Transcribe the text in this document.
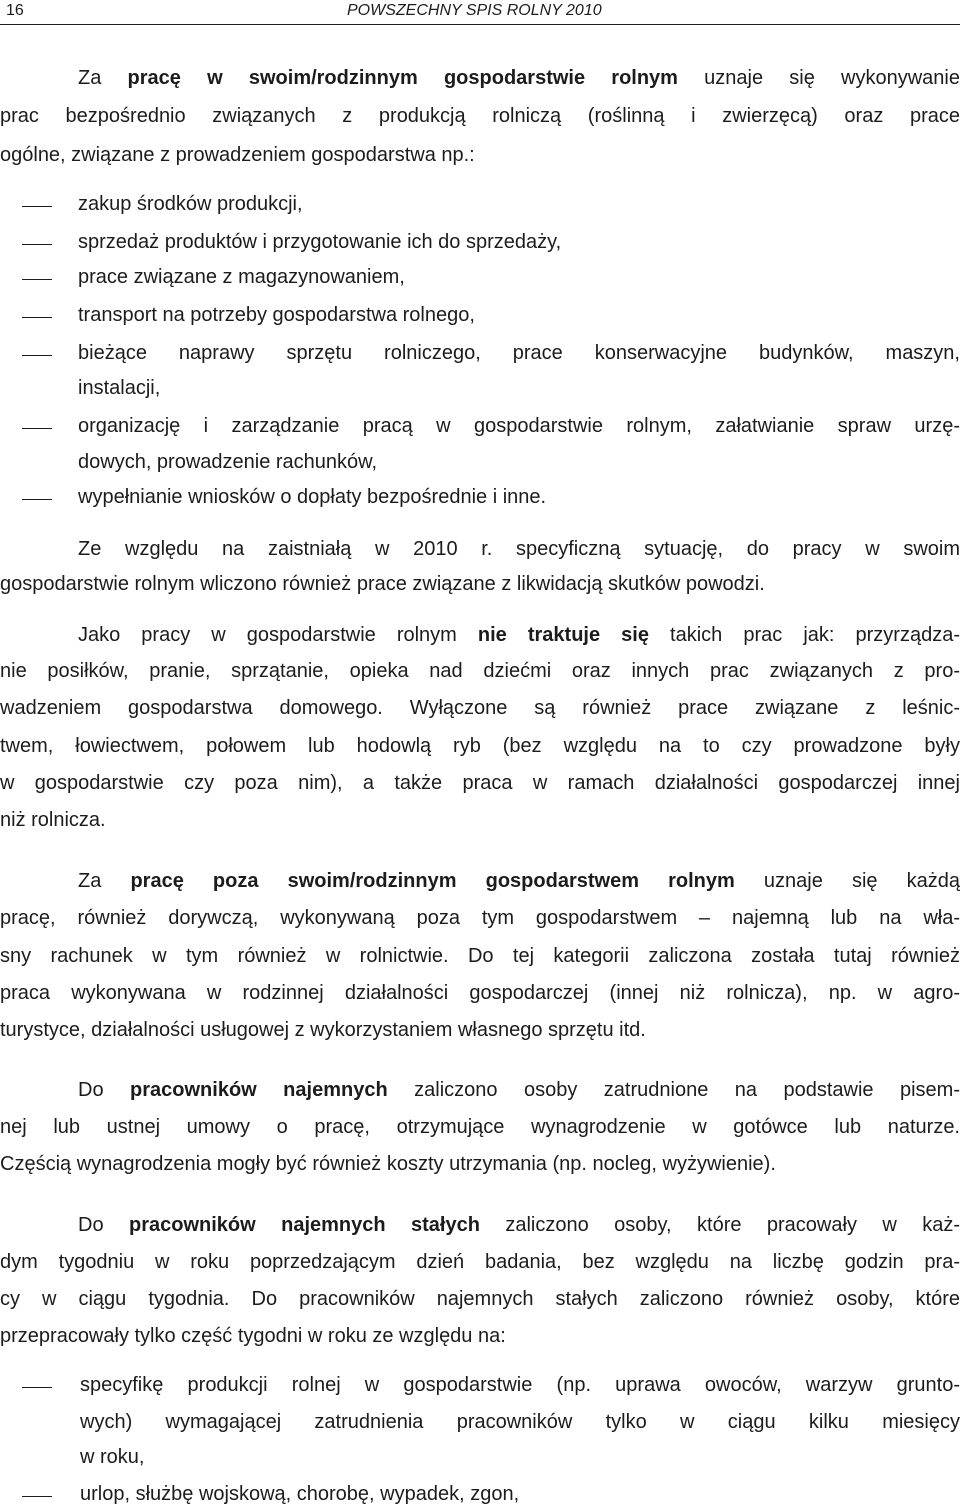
16	POWSZECHNY SPIS ROLNY 2010
Za pracę w swoim/rodzinnym gospodarstwie rolnym uznaje się wykonywanie
prac bezpośrednio związanych z produkcją rolniczą (roślinną i zwierzęcą) oraz prace
ogólne, związane z prowadzeniem gospodarstwa np.:
zakup środków produkcji,
sprzedaż produktów i przygotowanie ich do sprzedaży,
prace związane z magazynowaniem,
transport na potrzeby gospodarstwa rolnego,
bieżące naprawy sprzętu rolniczego, prace konserwacyjne budynków, maszyn,
instalacji,
organizację i zarządzanie pracą w gospodarstwie rolnym, załatwianie spraw urzę-
dowych, prowadzenie rachunków,
wypełnianie wniosków o dopłaty bezpośrednie i inne.
Ze względu na zaistniałą w 2010 r. specyficzną sytuację, do pracy w swoim
gospodarstwie rolnym wliczono również prace związane z likwidacją skutków powodzi.
Jako pracy w gospodarstwie rolnym nie traktuje się takich prac jak: przyrządza-
nie posiłków, pranie, sprzątanie, opieka nad dziećmi oraz innych prac związanych z pro-
wadzeniem gospodarstwa domowego. Wyłączone są również prace związane z leśnic-
twem, łowiectwem, połowem lub hodowlą ryb (bez względu na to czy prowadzone były
w gospodarstwie czy poza nim), a także praca w ramach działalności gospodarczej innej
niż rolnicza.
Za pracę poza swoim/rodzinnym gospodarstwem rolnym uznaje się każdą
pracę, również dorywczą, wykonywaną poza tym gospodarstwem – najemną lub na wła-
sny rachunek w tym również w rolnictwie. Do tej kategorii zaliczona została tutaj również
praca wykonywana w rodzinnej działalności gospodarczej (innej niż rolnicza), np. w agro-
turystyce, działalności usługowej z wykorzystaniem własnego sprzętu itd.
Do pracowników najemnych zaliczono osoby zatrudnione na podstawie pisem-
nej lub ustnej umowy o pracę, otrzymujące wynagrodzenie w gotówce lub naturze.
Częścią wynagrodzenia mogły być również koszty utrzymania (np. nocleg, wyżywienie).
Do pracowników najemnych stałych zaliczono osoby, które pracowały w każ-
dym tygodniu w roku poprzedzającym dzień badania, bez względu na liczbę godzin pra-
cy w ciągu tygodnia. Do pracowników najemnych stałych zaliczono również osoby, które
przepracowały tylko część tygodni w roku ze względu na:
specyfikę produkcji rolnej w gospodarstwie (np. uprawa owoców, warzyw grunto-
wych) wymagającej zatrudnienia pracowników tylko w ciągu kilku miesięcy
w roku,
urlop, służbę wojskową, chorobę, wypadek, zgon,
